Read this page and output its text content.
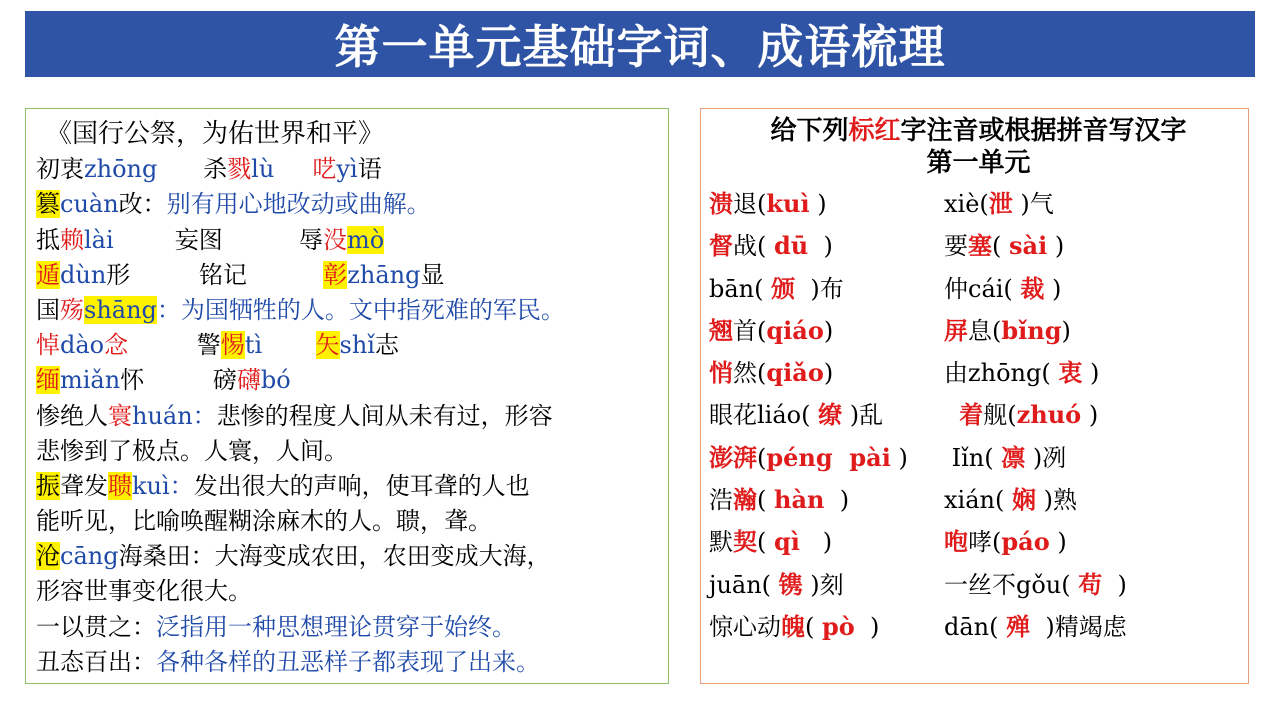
第一单元基础字词、成语梳理
《国行公祭，为佑世界和平》
初衷zhōng      杀戮lù 呓yì语
篡cuàn改：别有用心地改动或曲解。
抵赖lài        妄图          辱没mò
遁dùn形         铭记          彰zhāng显
国殇shāng：为国牺牲的人。文中指死难的军民。
悼dào念         警惕tì 矢shǐ志
缅miǎn怀         磅礴bó
惨绝人寰huán：悲惨的程度人间从未有过，形容
悲惨到了极点。人寰，人间。
振聋发聩kuì：发出很大的声响，使耳聋的人也
能听见，比喻唤醒糊涂麻木的人。聩，聋。
沧cāng海桑田：大海变成农田，农田变成大海，
形容世事变化很大。
一以贯之：泛指用一种思想理论贯穿于始终。
丑态百出：各种各样的丑恶样子都表现了出来。
给下列标红字注音或根据拼音写汉字
第一单元
溃退(kuì )	xiè(泄 )气
督战( dū  )	要塞( sài )
bān( 颁  )布	仲cái( 裁 )
翘首(qiáo)	屏息(bǐng)
悄然(qiǎo)	由zhōng( 衷 )
眼花liáo( 缭 )乱	着舰(zhuó )
澎湃(péng  pài )	Iǐn( 凛 )冽
浩瀚( hàn  )	xián( 娴 )熟
默契( qì   )	咆哮(páo )
juān( 镌 )刻	一丝不gǒu( 苟  )
惊心动魄( pò  )	dān( 殚  )精竭虑
